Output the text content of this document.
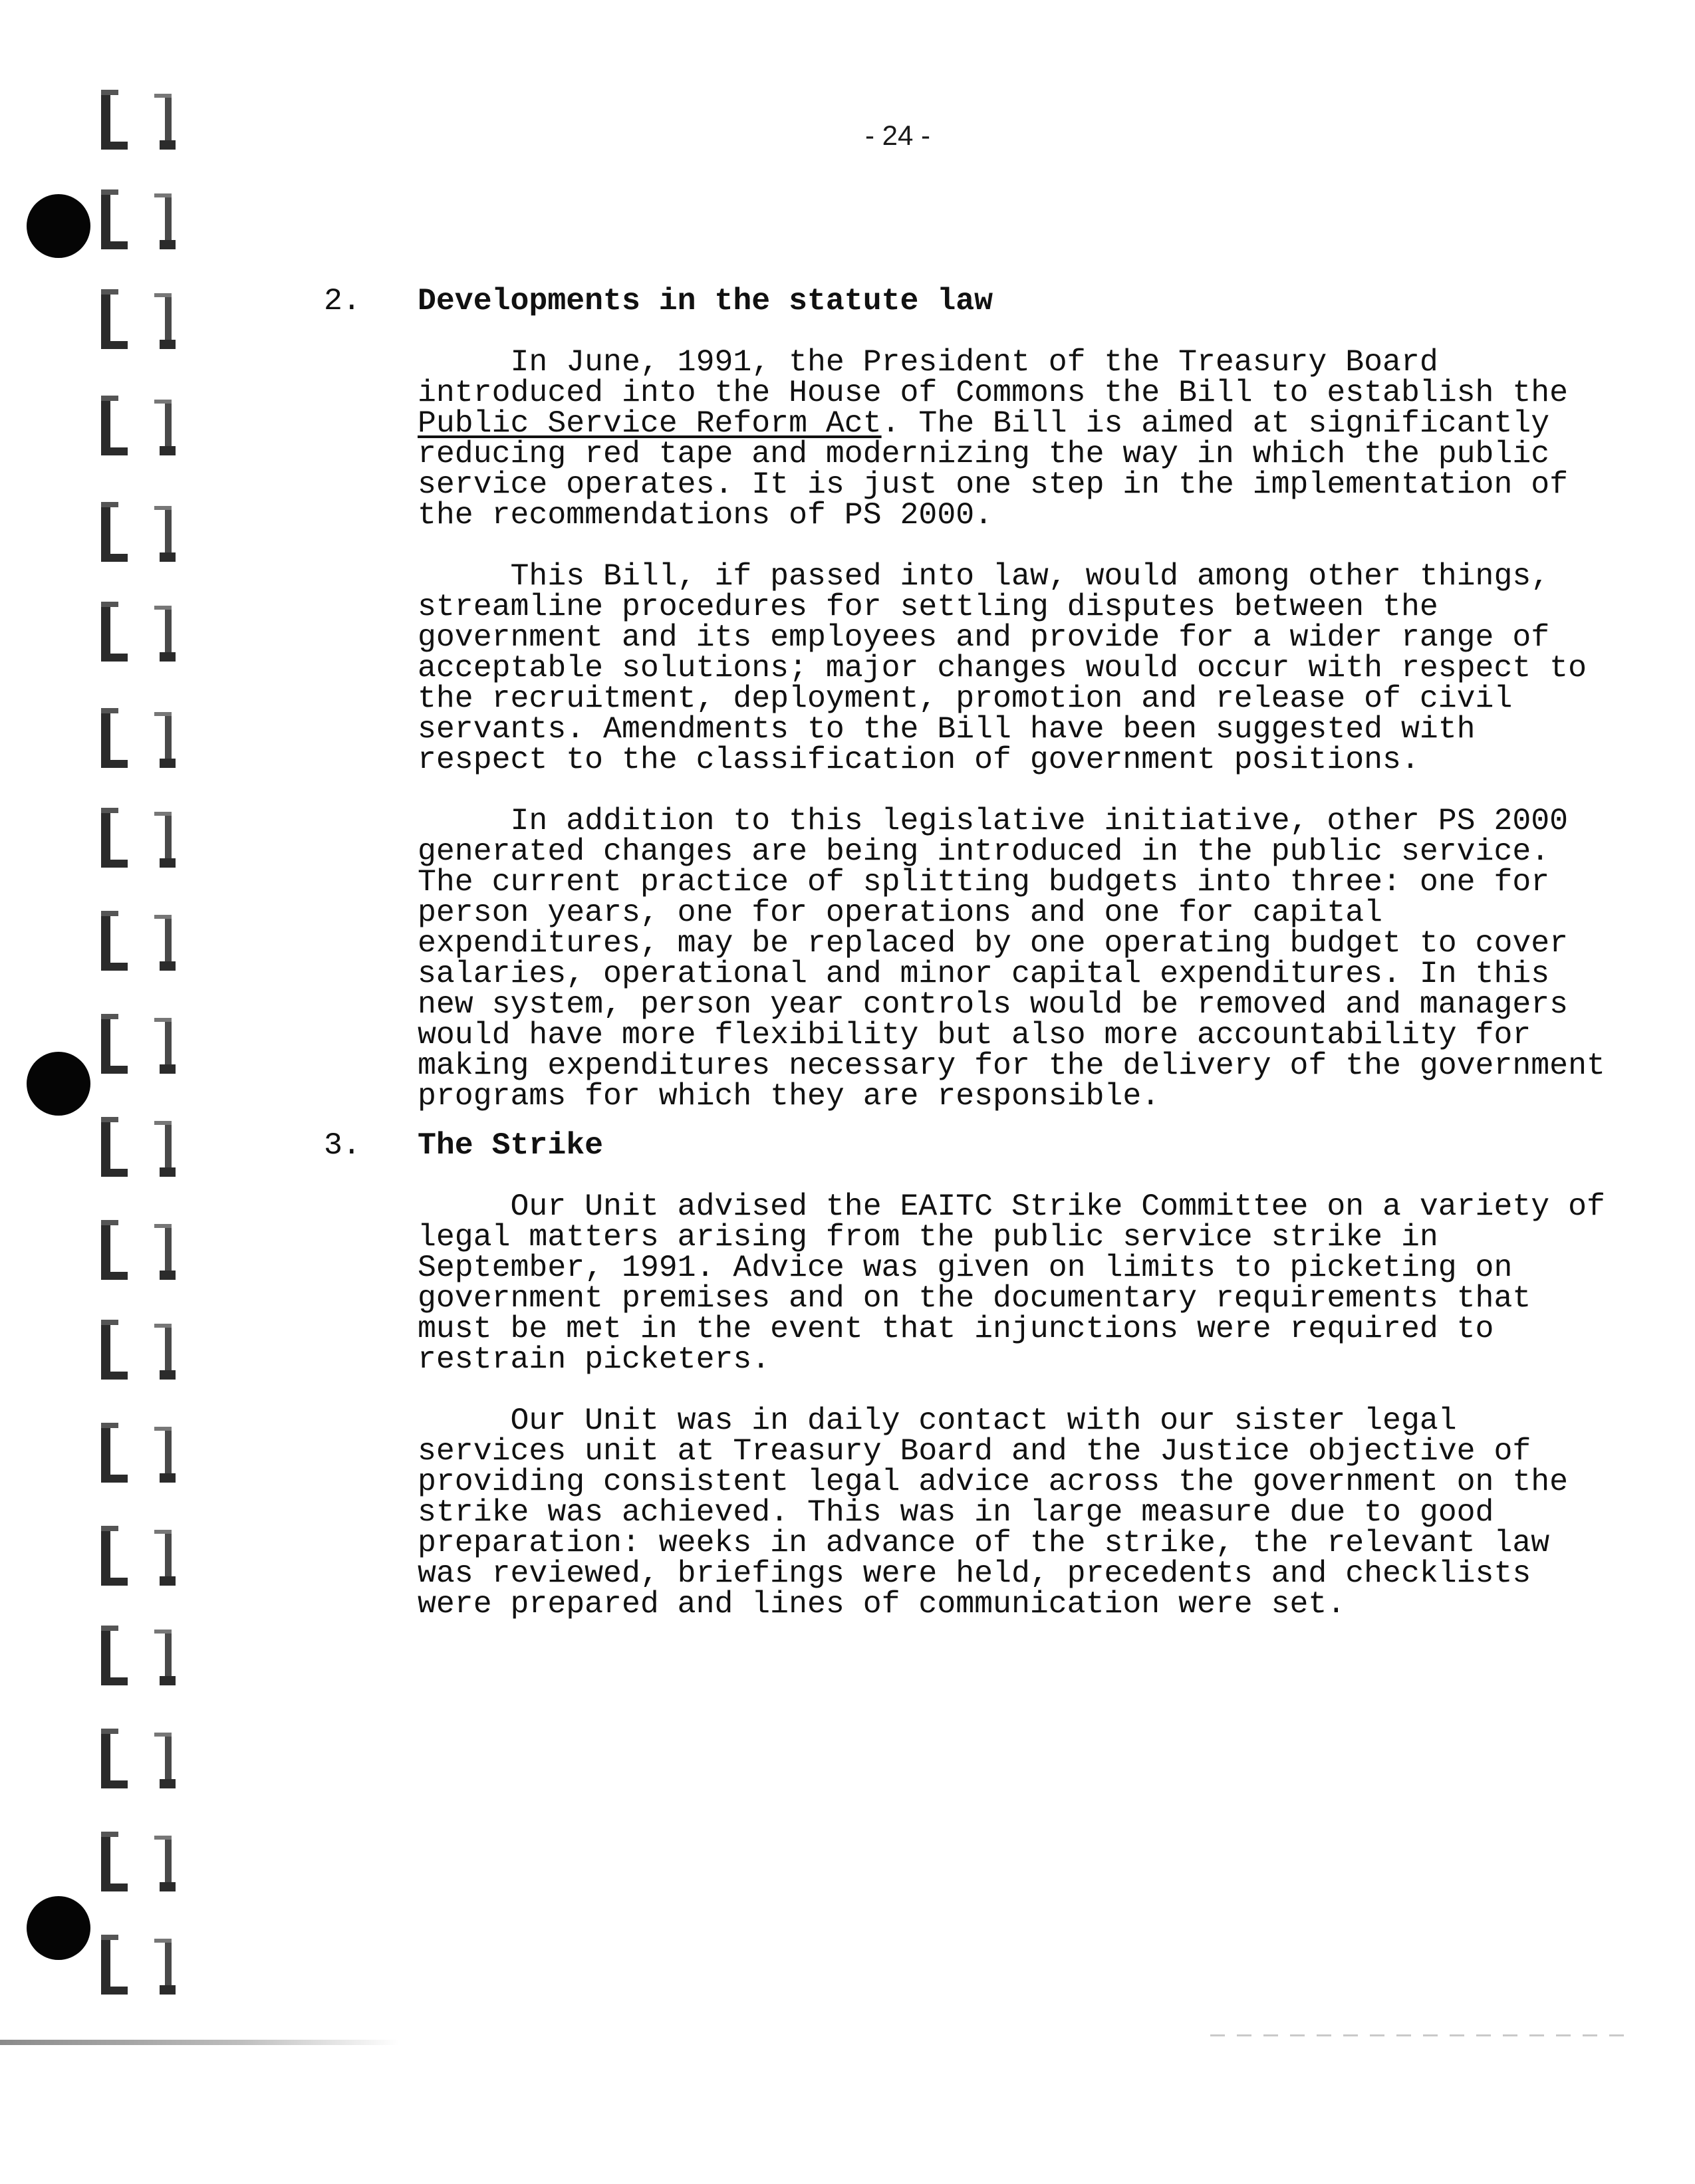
- 24 -
2. Developments in the statute law
In June, 1991, the President of the Treasury Board
introduced into the House of Commons the Bill to establish the
Public Service Reform Act. The Bill is aimed at significantly
reducing red tape and modernizing the way in which the public
service operates. It is just one step in the implementation of
the recommendations of PS 2000.
This Bill, if passed into law, would among other things,
streamline procedures for settling disputes between the
government and its employees and provide for a wider range of
acceptable solutions; major changes would occur with respect to
the recruitment, deployment, promotion and release of civil
servants. Amendments to the Bill have been suggested with
respect to the classification of government positions.
In addition to this legislative initiative, other PS 2000
generated changes are being introduced in the public service.
The current practice of splitting budgets into three: one for
person years, one for operations and one for capital
expenditures, may be replaced by one operating budget to cover
salaries, operational and minor capital expenditures. In this
new system, person year controls would be removed and managers
would have more flexibility but also more accountability for
making expenditures necessary for the delivery of the government
programs for which they are responsible.
3. The Strike
Our Unit advised the EAITC Strike Committee on a variety of
legal matters arising from the public service strike in
September, 1991. Advice was given on limits to picketing on
government premises and on the documentary requirements that
must be met in the event that injunctions were required to
restrain picketers.
Our Unit was in daily contact with our sister legal
services unit at Treasury Board and the Justice objective of
providing consistent legal advice across the government on the
strike was achieved. This was in large measure due to good
preparation: weeks in advance of the strike, the relevant law
was reviewed, briefings were held, precedents and checklists
were prepared and lines of communication were set.
